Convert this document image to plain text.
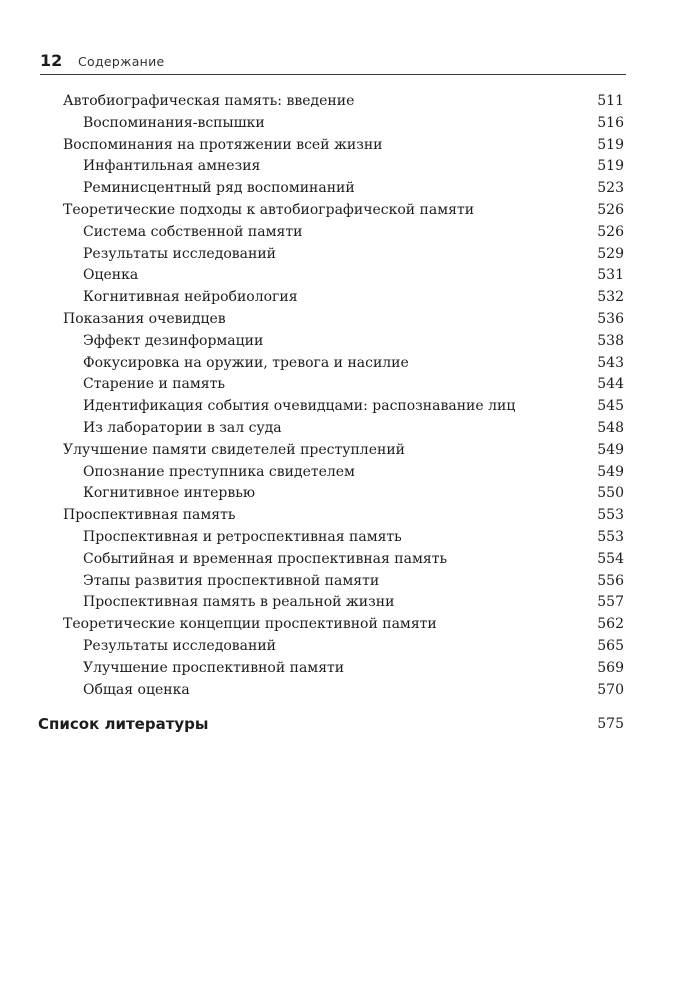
12 Содержание
Автобиографическая память: введение	511
Воспоминания-вспышки	516
Воспоминания на протяжении всей жизни	519
Инфантильная амнезия	519
Реминисцентный ряд воспоминаний	523
Теоретические подходы к автобиографической памяти	526
Система собственной памяти	526
Результаты исследований	529
Оценка	531
Когнитивная нейробиология	532
Показания очевидцев	536
Эффект дезинформации	538
Фокусировка на оружии, тревога и насилие	543
Старение и память	544
Идентификация события очевидцами: распознавание лиц	545
Из лаборатории в зал суда	548
Улучшение памяти свидетелей преступлений	549
Опознание преступника свидетелем	549
Когнитивное интервью	550
Проспективная память	553
Проспективная и ретроспективная память	553
Событийная и временная проспективная память	554
Этапы развития проспективной памяти	556
Проспективная память в реальной жизни	557
Теоретические концепции проспективной памяти	562
Результаты исследований	565
Улучшение проспективной памяти	569
Общая оценка	570
Список литературы	575
